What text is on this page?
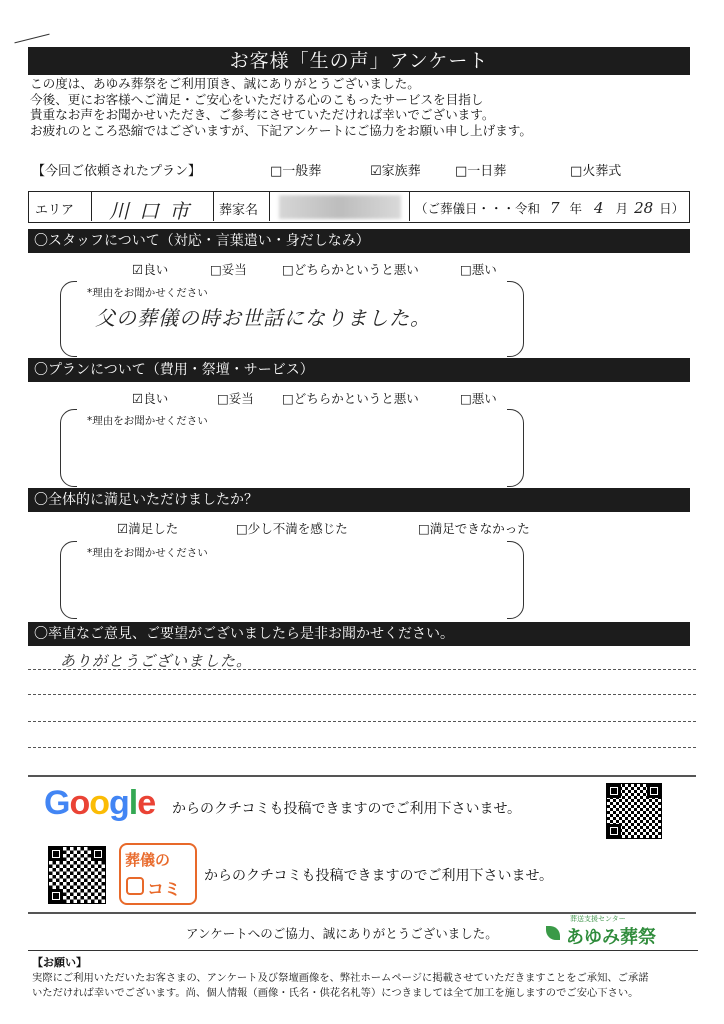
お客様「生の声」アンケート
この度は、あゆみ葬祭をご利用頂き、誠にありがとうございました。
今後、更にお客様へご満足・ご安心をいただける心のこもったサービスを目指し
貴重なお声をお聞かせいただき、ご参考にさせていただければ幸いでございます。
お疲れのところ恐縮ではございますが、下記アンケートにご協力をお願い申し上げます。
【今回ご依頼されたプラン】	□一般葬	☑家族葬	□一日葬	□火葬式
エリア 川口市 葬家名	（ご葬儀日・・・令和 7 年 4 月 28 日）
〇スタッフについて（対応・言葉遣い・身だしなみ）
☑良い	□妥当	□どちらかというと悪い	□悪い
*理由をお聞かせください
父の葬儀の時お世話になりました。
〇プランについて（費用・祭壇・サービス）
☑良い	□妥当 □どちらかというと悪い	□悪い
*理由をお聞かせください
〇全体的に満足いただけましたか？
☑満足した	□少し不満を感じた	□満足できなかった
*理由をお聞かせください
〇率直なご意見、ご要望がございましたら是非お聞かせください。
ありがとうございました。
Google からのクチコミも投稿できますのでご利用下さいませ。
葬儀の
コミ
からのクチコミも投稿できますのでご利用下さいませ。
アンケートへのご協力、誠にありがとうございました。
葬送支援センター
あゆみ葬祭
【お願い】
実際にご利用いただいたお客さまの、アンケート及び祭壇画像を、弊社ホームページに掲載させていただきますことをご承知、ご承諾
いただければ幸いでございます。尚、個人情報（画像・氏名・供花名札等）につきましては全て加工を施しますのでご安心下さい。
